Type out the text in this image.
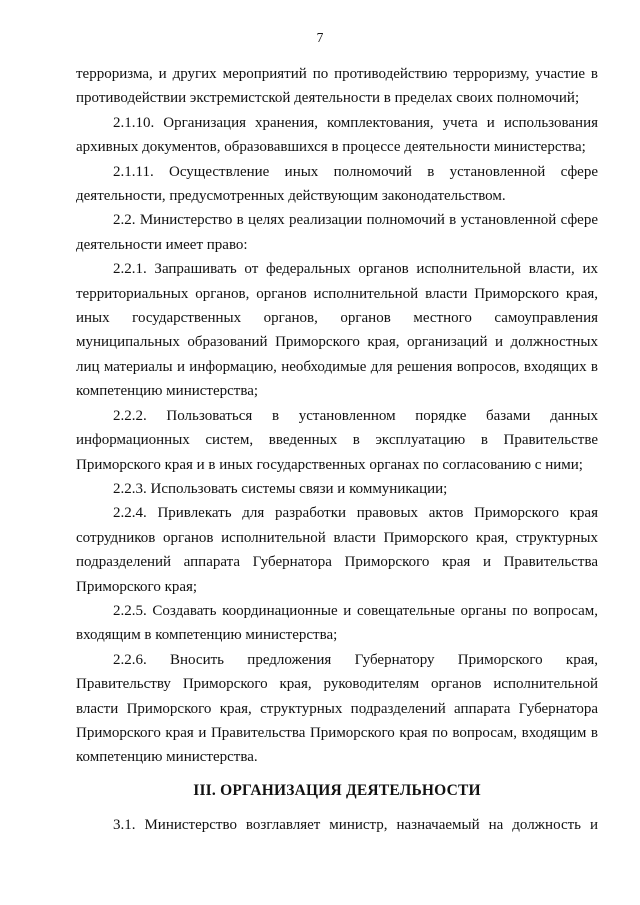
7

терроризма, и других мероприятий по противодействию терроризму, участие в противодействии экстремистской деятельности в пределах своих полномочий;

2.1.10. Организация хранения, комплектования, учета и использования архивных документов, образовавшихся в процессе деятельности министерства;

2.1.11. Осуществление иных полномочий в установленной сфере деятельности, предусмотренных действующим законодательством.

2.2. Министерство в целях реализации полномочий в установленной сфере деятельности имеет право:

2.2.1. Запрашивать от федеральных органов исполнительной власти, их территориальных органов, органов исполнительной власти Приморского края, иных государственных органов, органов местного самоуправления муниципальных образований Приморского края, организаций и должностных лиц материалы и информацию, необходимые для решения вопросов, входящих в компетенцию министерства;

2.2.2. Пользоваться в установленном порядке базами данных информационных систем, введенных в эксплуатацию в Правительстве Приморского края и в иных государственных органах по согласованию с ними;

2.2.3. Использовать системы связи и коммуникации;

2.2.4. Привлекать для разработки правовых актов Приморского края сотрудников органов исполнительной власти Приморского края, структурных подразделений аппарата Губернатора Приморского края и Правительства Приморского края;

2.2.5. Создавать координационные и совещательные органы по вопросам, входящим в компетенцию министерства;

2.2.6. Вносить предложения Губернатору Приморского края, Правительству Приморского края, руководителям органов исполнительной власти Приморского края, структурных подразделений аппарата Губернатора Приморского края и Правительства Приморского края по вопросам, входящим в компетенцию министерства.

III. ОРГАНИЗАЦИЯ ДЕЯТЕЛЬНОСТИ

3.1. Министерство возглавляет министр, назначаемый на должность и
